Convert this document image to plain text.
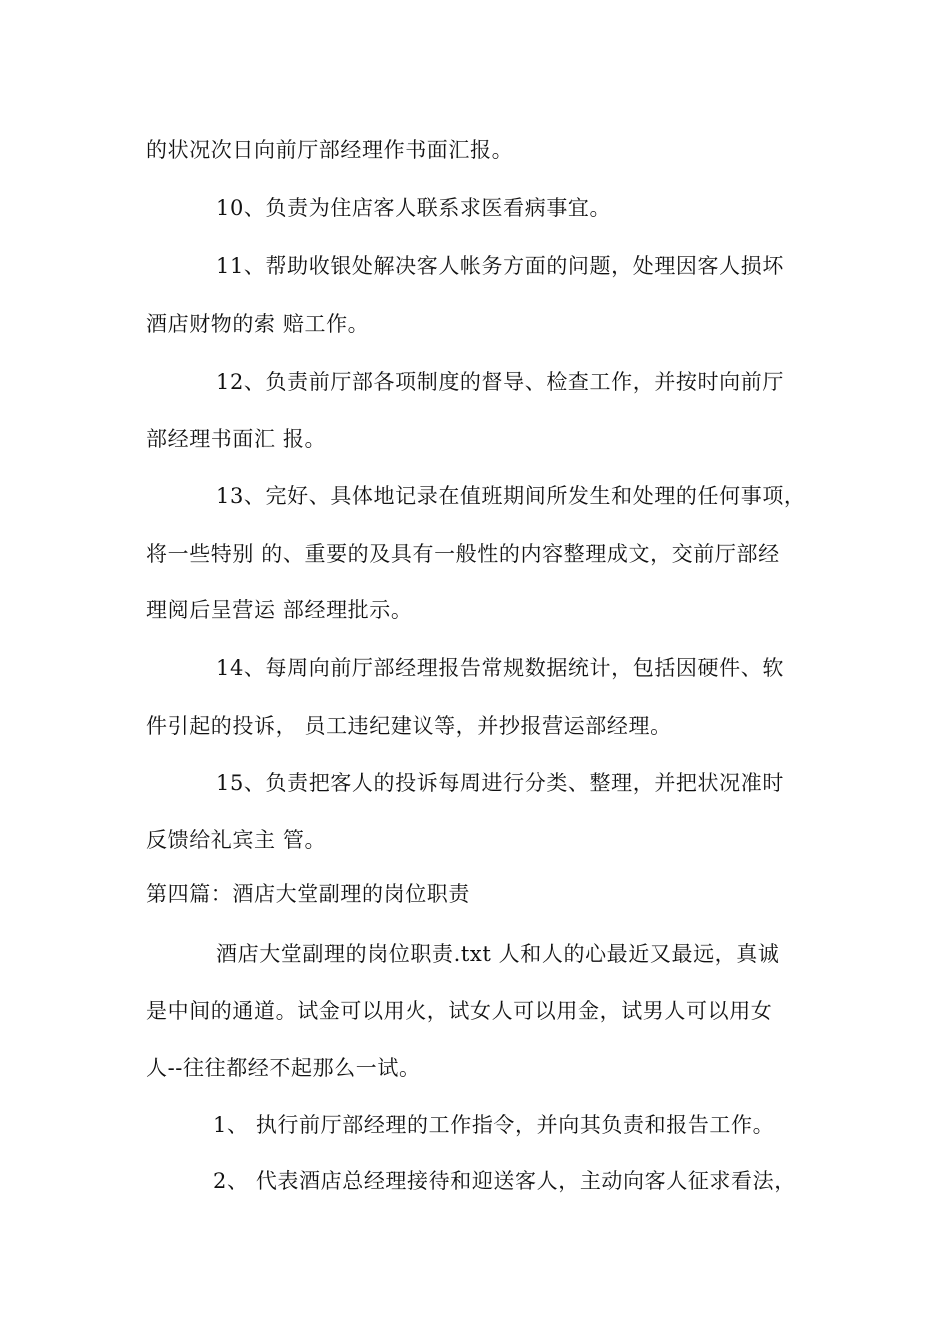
的状况次日向前厅部经理作书面汇报。
10、负责为住店客人联系求医看病事宜。
11、帮助收银处解决客人帐务方面的问题，处理因客人损坏
酒店财物的索 赔工作。
12、负责前厅部各项制度的督导、检查工作，并按时向前厅
部经理书面汇 报。
13、完好、具体地记录在值班期间所发生和处理的任何事项，
将一些特别 的、重要的及具有一般性的内容整理成文，交前厅部经
理阅后呈营运 部经理批示。
14、每周向前厅部经理报告常规数据统计，包括因硬件、软
件引起的投诉， 员工违纪建议等，并抄报营运部经理。
15、负责把客人的投诉每周进行分类、整理，并把状况准时
反馈给礼宾主 管。
第四篇：酒店大堂副理的岗位职责
酒店大堂副理的岗位职责.txt 人和人的心最近又最远，真诚
是中间的通道。试金可以用火，试女人可以用金，试男人可以用女
人--往往都经不起那么一试。
1、 执行前厅部经理的工作指令，并向其负责和报告工作。
2、 代表酒店总经理接待和迎送客人，主动向客人征求看法，
